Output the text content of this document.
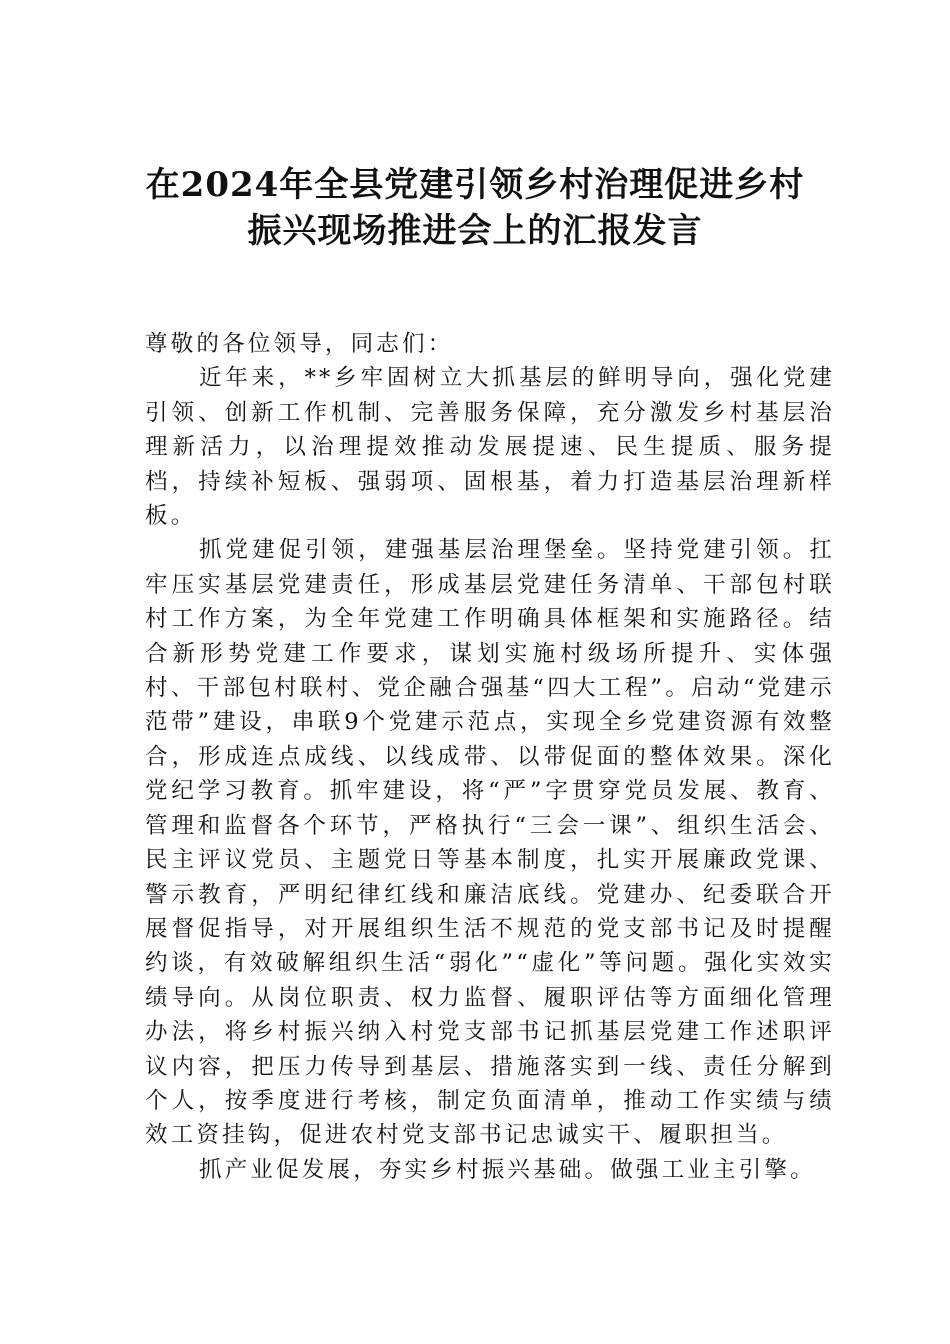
在2024年全县党建引领乡村治理促进乡村
振兴现场推进会上的汇报发言

尊敬的各位领导，同志们：

近年来，**乡牢固树立大抓基层的鲜明导向，强化党建引领、创新工作机制、完善服务保障，充分激发乡村基层治理新活力，以治理提效推动发展提速、民生提质、服务提档，持续补短板、强弱项、固根基，着力打造基层治理新样板。

抓党建促引领，建强基层治理堡垒。坚持党建引领。扛牢压实基层党建责任，形成基层党建任务清单、干部包村联村工作方案，为全年党建工作明确具体框架和实施路径。结合新形势党建工作要求，谋划实施村级场所提升、实体强村、干部包村联村、党企融合强基“四大工程”。启动“党建示范带”建设，串联9个党建示范点，实现全乡党建资源有效整合，形成连点成线、以线成带、以带促面的整体效果。深化党纪学习教育。抓牢建设，将“严”字贯穿党员发展、教育、管理和监督各个环节，严格执行“三会一课”、组织生活会、民主评议党员、主题党日等基本制度，扎实开展廉政党课、警示教育，严明纪律红线和廉洁底线。党建办、纪委联合开展督促指导，对开展组织生活不规范的党支部书记及时提醒约谈，有效破解组织生活“弱化”“虚化”等问题。强化实效实绩导向。从岗位职责、权力监督、履职评估等方面细化管理办法，将乡村振兴纳入村党支部书记抓基层党建工作述职评议内容，把压力传导到基层、措施落实到一线、责任分解到个人，按季度进行考核，制定负面清单，推动工作实绩与绩效工资挂钩，促进农村党支部书记忠诚实干、履职担当。

抓产业促发展，夯实乡村振兴基础。做强工业主引擎。
